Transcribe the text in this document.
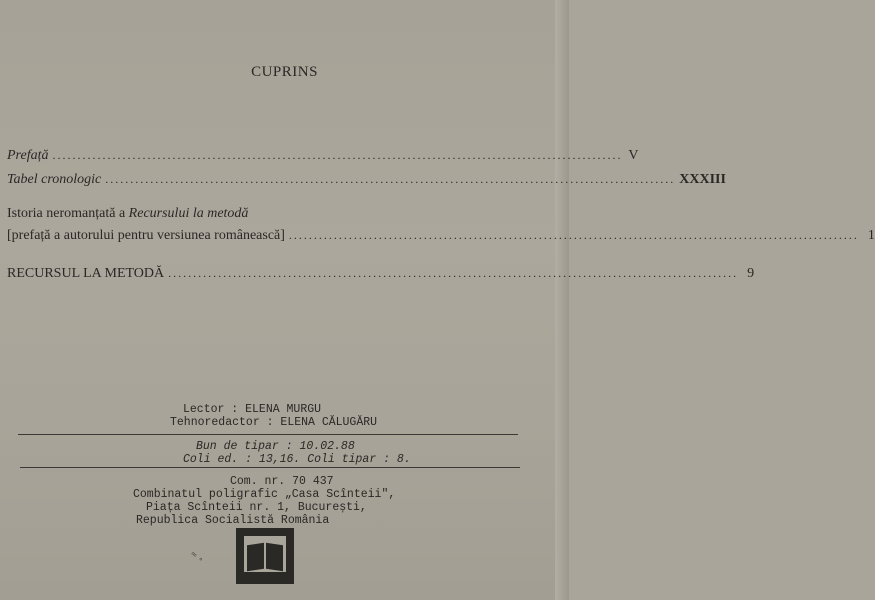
CUPRINS
Prefață .................................................................................................................. V
Tabel cronologic .................................................................................................................. XXXIII
Istoria neromanțată a Recursului la metodă
[prefață a autorului pentru versiunea românească] .................................................................................................................. 1
RECURSUL LA METODĂ .................................................................................................................. 9
Lector : ELENA MURGU
Tehnoredactor : ELENA CĂLUGĂRU
Bun de tipar : 10.02.88
Coli ed. : 13,16. Coli tipar : 8.
Com. nr. 70 437
Combinatul poligrafic „Casa Scînteii",
Piața Scînteii nr. 1, București,
Republica Socialistă România
≈ ∘
